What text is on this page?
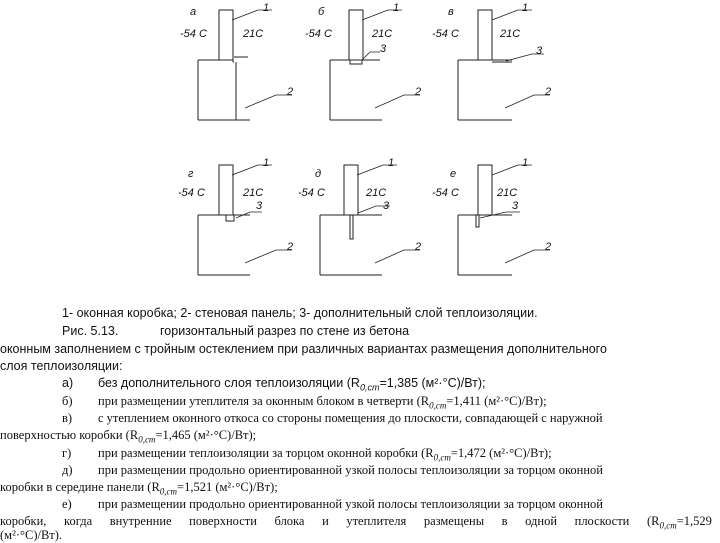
а	1
-54 С	21С
2
б	1
-54 С	21С
3
2
в	1
-54 С	21С
3
2
г
1
-54 С	21С
3
2
д
1
-54 С	21С
3
2
е
1
-54 С	21С
3
2
1- оконная коробка; 2- стеновая панель; 3- дополнительный слой теплоизоляции.
Рис. 5.13.	горизонтальный разрез по стене из бетона
оконным заполнением с тройным остеклением при различных вариантах размещения дополнительного
слоя теплоизоляции:
а) без дополнительного слоя теплоизоляции ($R_{0,ст}=1,385$ (м²·°С)/Вт);
б) при размещении утеплителя за оконным блоком в четверти ($R_{0,ст}=1,411$ (м²·°С)/Вт);
в) с утеплением оконного откоса со стороны помещения до плоскости, совпадающей с наружной
поверхностью коробки ($R_{0,ст}=1,465$ (м²·°С)/Вт);
г) при размещении теплоизоляции за торцом оконной коробки ($R_{0,ст}=1,472$ (м²·°С)/Вт);
д) при размещении продольно ориентированной узкой полосы теплоизоляции за торцом оконной
коробки в середине панели ($R_{0,ст}=1,521$ (м²·°С)/Вт);
е) при размещении продольно ориентированной узкой полосы теплоизоляции за торцом оконной
коробки, когда внутренние поверхности блока и утеплителя размещены в одной плоскости ($R_{0,ст}=1,529$
(м²·°С)/Вт).
